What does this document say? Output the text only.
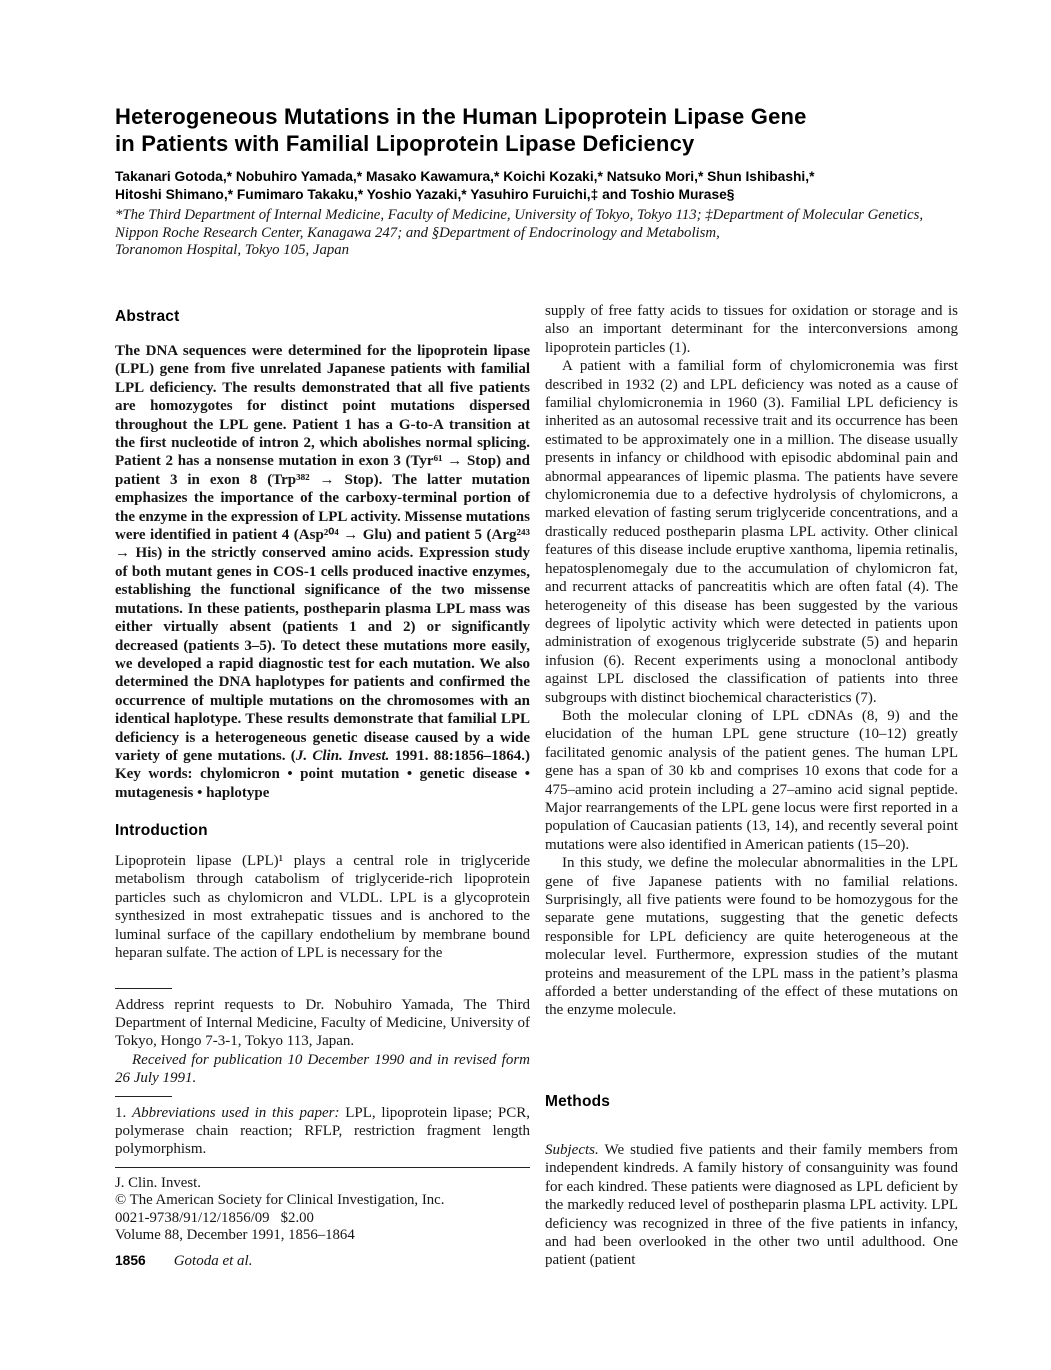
Heterogeneous Mutations in the Human Lipoprotein Lipase Gene
in Patients with Familial Lipoprotein Lipase Deficiency
Takanari Gotoda,* Nobuhiro Yamada,* Masako Kawamura,* Koichi Kozaki,* Natsuko Mori,* Shun Ishibashi,*
Hitoshi Shimano,* Fumimaro Takaku,* Yoshio Yazaki,* Yasuhiro Furuichi,‡ and Toshio Murase§
*The Third Department of Internal Medicine, Faculty of Medicine, University of Tokyo, Tokyo 113; ‡Department of Molecular Genetics,
Nippon Roche Research Center, Kanagawa 247; and §Department of Endocrinology and Metabolism,
Toranomon Hospital, Tokyo 105, Japan
Abstract

The DNA sequences were determined for the lipoprotein lipase (LPL) gene from five unrelated Japanese patients with familial LPL deficiency. The results demonstrated that all five patients are homozygotes for distinct point mutations dispersed throughout the LPL gene. Patient 1 has a G-to-A transition at the first nucleotide of intron 2, which abolishes normal splicing. Patient 2 has a nonsense mutation in exon 3 (Tyr⁶¹ → Stop) and patient 3 in exon 8 (Trp³⁸² → Stop). The latter mutation emphasizes the importance of the carboxy-terminal portion of the enzyme in the expression of LPL activity. Missense mutations were identified in patient 4 (Asp²⁰⁴ → Glu) and patient 5 (Arg²⁴³ → His) in the strictly conserved amino acids. Expression study of both mutant genes in COS-1 cells produced inactive enzymes, establishing the functional significance of the two missense mutations. In these patients, postheparin plasma LPL mass was either virtually absent (patients 1 and 2) or significantly decreased (patients 3–5). To detect these mutations more easily, we developed a rapid diagnostic test for each mutation. We also determined the DNA haplotypes for patients and confirmed the occurrence of multiple mutations on the chromosomes with an identical haplotype. These results demonstrate that familial LPL deficiency is a heterogeneous genetic disease caused by a wide variety of gene mutations. (J. Clin. Invest. 1991. 88:1856–1864.) Key words: chylomicron • point mutation • genetic disease • mutagenesis • haplotype

Introduction

Lipoprotein lipase (LPL)¹ plays a central role in triglyceride metabolism through catabolism of triglyceride-rich lipoprotein particles such as chylomicron and VLDL. LPL is a glycoprotein synthesized in most extrahepatic tissues and is anchored to the luminal surface of the capillary endothelium by membrane bound heparan sulfate. The action of LPL is necessary for the

Address reprint requests to Dr. Nobuhiro Yamada, The Third Department of Internal Medicine, Faculty of Medicine, University of Tokyo, Hongo 7-3-1, Tokyo 113, Japan.

Received for publication 10 December 1990 and in revised form 26 July 1991.

1. Abbreviations used in this paper: LPL, lipoprotein lipase; PCR, polymerase chain reaction; RFLP, restriction fragment length polymorphism.

J. Clin. Invest.
© The American Society for Clinical Investigation, Inc.
0021-9738/91/12/1856/09   $2.00
Volume 88, December 1991, 1856–1864

supply of free fatty acids to tissues for oxidation or storage and is also an important determinant for the interconversions among lipoprotein particles (1).

A patient with a familial form of chylomicronemia was first described in 1932 (2) and LPL deficiency was noted as a cause of familial chylomicronemia in 1960 (3). Familial LPL deficiency is inherited as an autosomal recessive trait and its occurrence has been estimated to be approximately one in a million. The disease usually presents in infancy or childhood with episodic abdominal pain and abnormal appearances of lipemic plasma. The patients have severe chylomicronemia due to a defective hydrolysis of chylomicrons, a marked elevation of fasting serum triglyceride concentrations, and a drastically reduced postheparin plasma LPL activity. Other clinical features of this disease include eruptive xanthoma, lipemia retinalis, hepatosplenomegaly due to the accumulation of chylomicron fat, and recurrent attacks of pancreatitis which are often fatal (4). The heterogeneity of this disease has been suggested by the various degrees of lipolytic activity which were detected in patients upon administration of exogenous triglyceride substrate (5) and heparin infusion (6). Recent experiments using a monoclonal antibody against LPL disclosed the classification of patients into three subgroups with distinct biochemical characteristics (7).

Both the molecular cloning of LPL cDNAs (8, 9) and the elucidation of the human LPL gene structure (10–12) greatly facilitated genomic analysis of the patient genes. The human LPL gene has a span of 30 kb and comprises 10 exons that code for a 475–amino acid protein including a 27–amino acid signal peptide. Major rearrangements of the LPL gene locus were first reported in a population of Caucasian patients (13, 14), and recently several point mutations were also identified in American patients (15–20).

In this study, we define the molecular abnormalities in the LPL gene of five Japanese patients with no familial relations. Surprisingly, all five patients were found to be homozygous for the separate gene mutations, suggesting that the genetic defects responsible for LPL deficiency are quite heterogeneous at the molecular level. Furthermore, expression studies of the mutant proteins and measurement of the LPL mass in the patient’s plasma afforded a better understanding of the effect of these mutations on the enzyme molecule.

Methods

Subjects. We studied five patients and their family members from independent kindreds. A family history of consanguinity was found for each kindred. These patients were diagnosed as LPL deficient by the markedly reduced level of postheparin plasma LPL activity. LPL deficiency was recognized in three of the five patients in infancy, and had been overlooked in the other two until adulthood. One patient (patient

1856 Gotoda et al.
